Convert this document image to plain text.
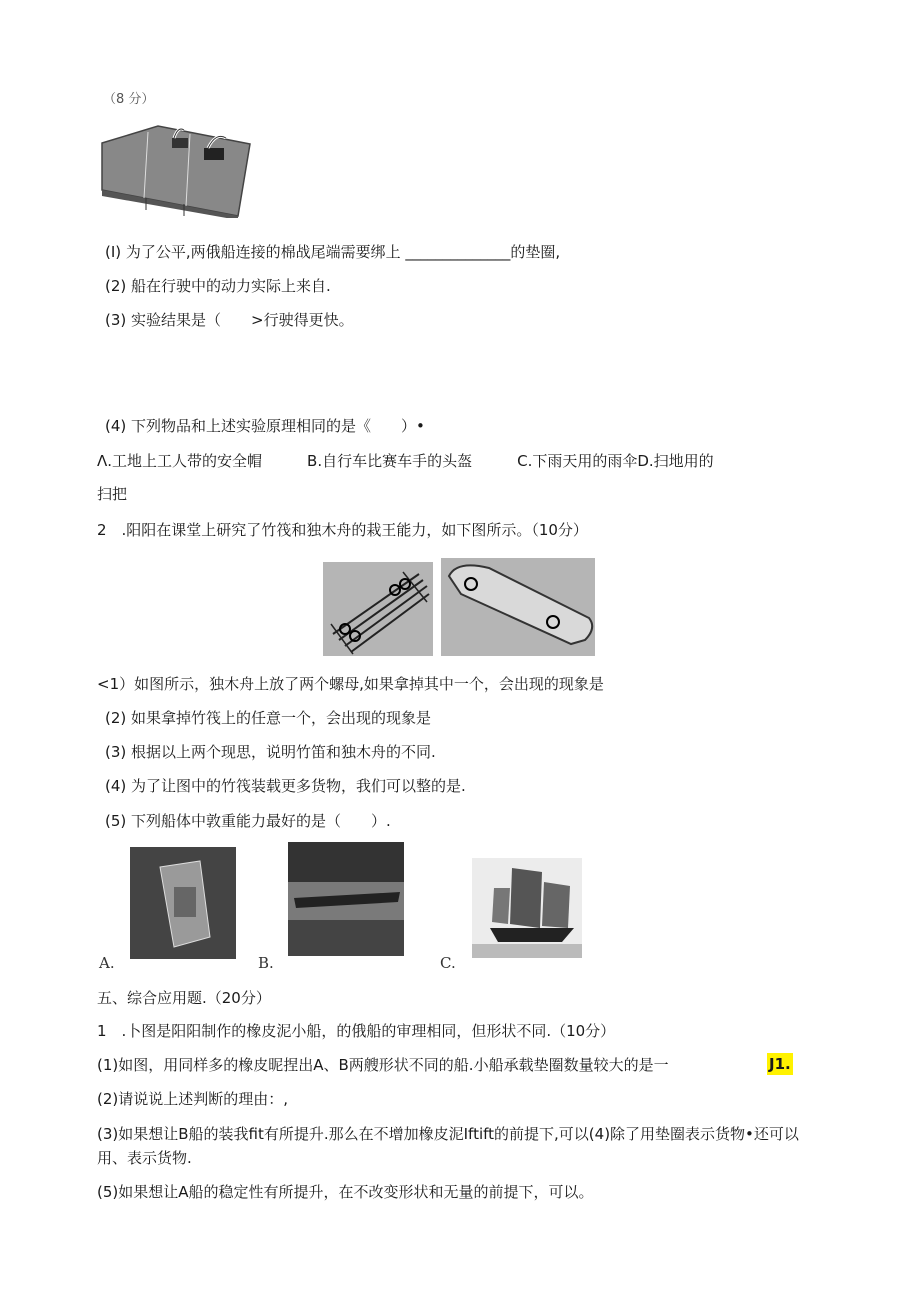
（8 分）
(I) 为了公平,两俄船连接的棉战尾端需要绑上 ______________的垫圈,
(2) 船在行驶中的动力实际上来自.
(3) 实验结果是（　　>行驶得更快。
(4) 下列物品和上述实验原理相同的是《　　）•
Λ.工地上工人带的安全帽　　　B.自行车比赛车手的头盔　　　C.下雨天用的雨伞D.扫地用的
扫把
2　.阳阳在课堂上研究了竹筏和独木舟的栽王能力，如下图所示。（10分）
<1）如图所示，独木舟上放了两个螺母,如果拿掉其中一个，会出现的现象是
(2) 如果拿掉竹筏上的任意一个，会出现的现象是
(3) 根据以上两个现思，说明竹笛和独木舟的不同.
(4) 为了让图中的竹筏装载更多货物，我们可以整的是.
(5) 下列船体中敦重能力最好的是（　　）.
A.	B.	C.
五、综合应用题.（20分）
1　.卜图是阳阳制作的橡皮泥小船，的俄船的审理相同，但形状不同.（10分）
(1)如图，用同样多的橡皮昵捏出A、B两艘形状不同的船.小船承载垫圈数量较大的是一	J1.
(2)请说说上述判断的理由：,
(3)如果想让B船的装我fit有所提升.那么在不增加橡皮泥Iftift的前提下,可以(4)除了用垫圈表示货物•还可以
用、表示货物.
(5)如果想让A船的稳定性有所提升，在不改变形状和无量的前提下，可以。
